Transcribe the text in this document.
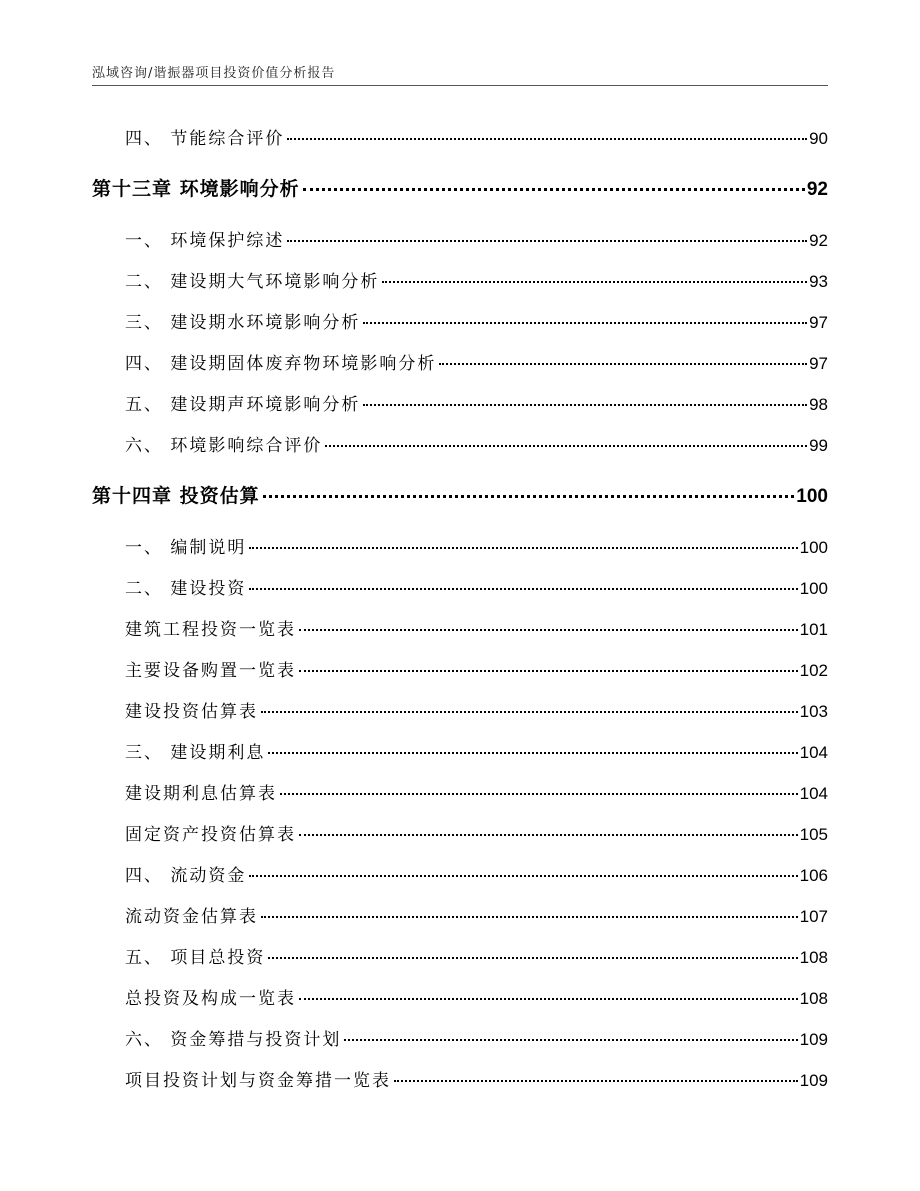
泓域咨询/谐振器项目投资价值分析报告
四、 节能综合评价	90
第十三章 环境影响分析	92
一、 环境保护综述	92
二、 建设期大气环境影响分析	93
三、 建设期水环境影响分析	97
四、 建设期固体废弃物环境影响分析	97
五、 建设期声环境影响分析	98
六、 环境影响综合评价	99
第十四章 投资估算	100
一、 编制说明	100
二、 建设投资	100
建筑工程投资一览表	101
主要设备购置一览表	102
建设投资估算表	103
三、 建设期利息	104
建设期利息估算表	104
固定资产投资估算表	105
四、 流动资金	106
流动资金估算表	107
五、 项目总投资	108
总投资及构成一览表	108
六、 资金筹措与投资计划	109
项目投资计划与资金筹措一览表	109
